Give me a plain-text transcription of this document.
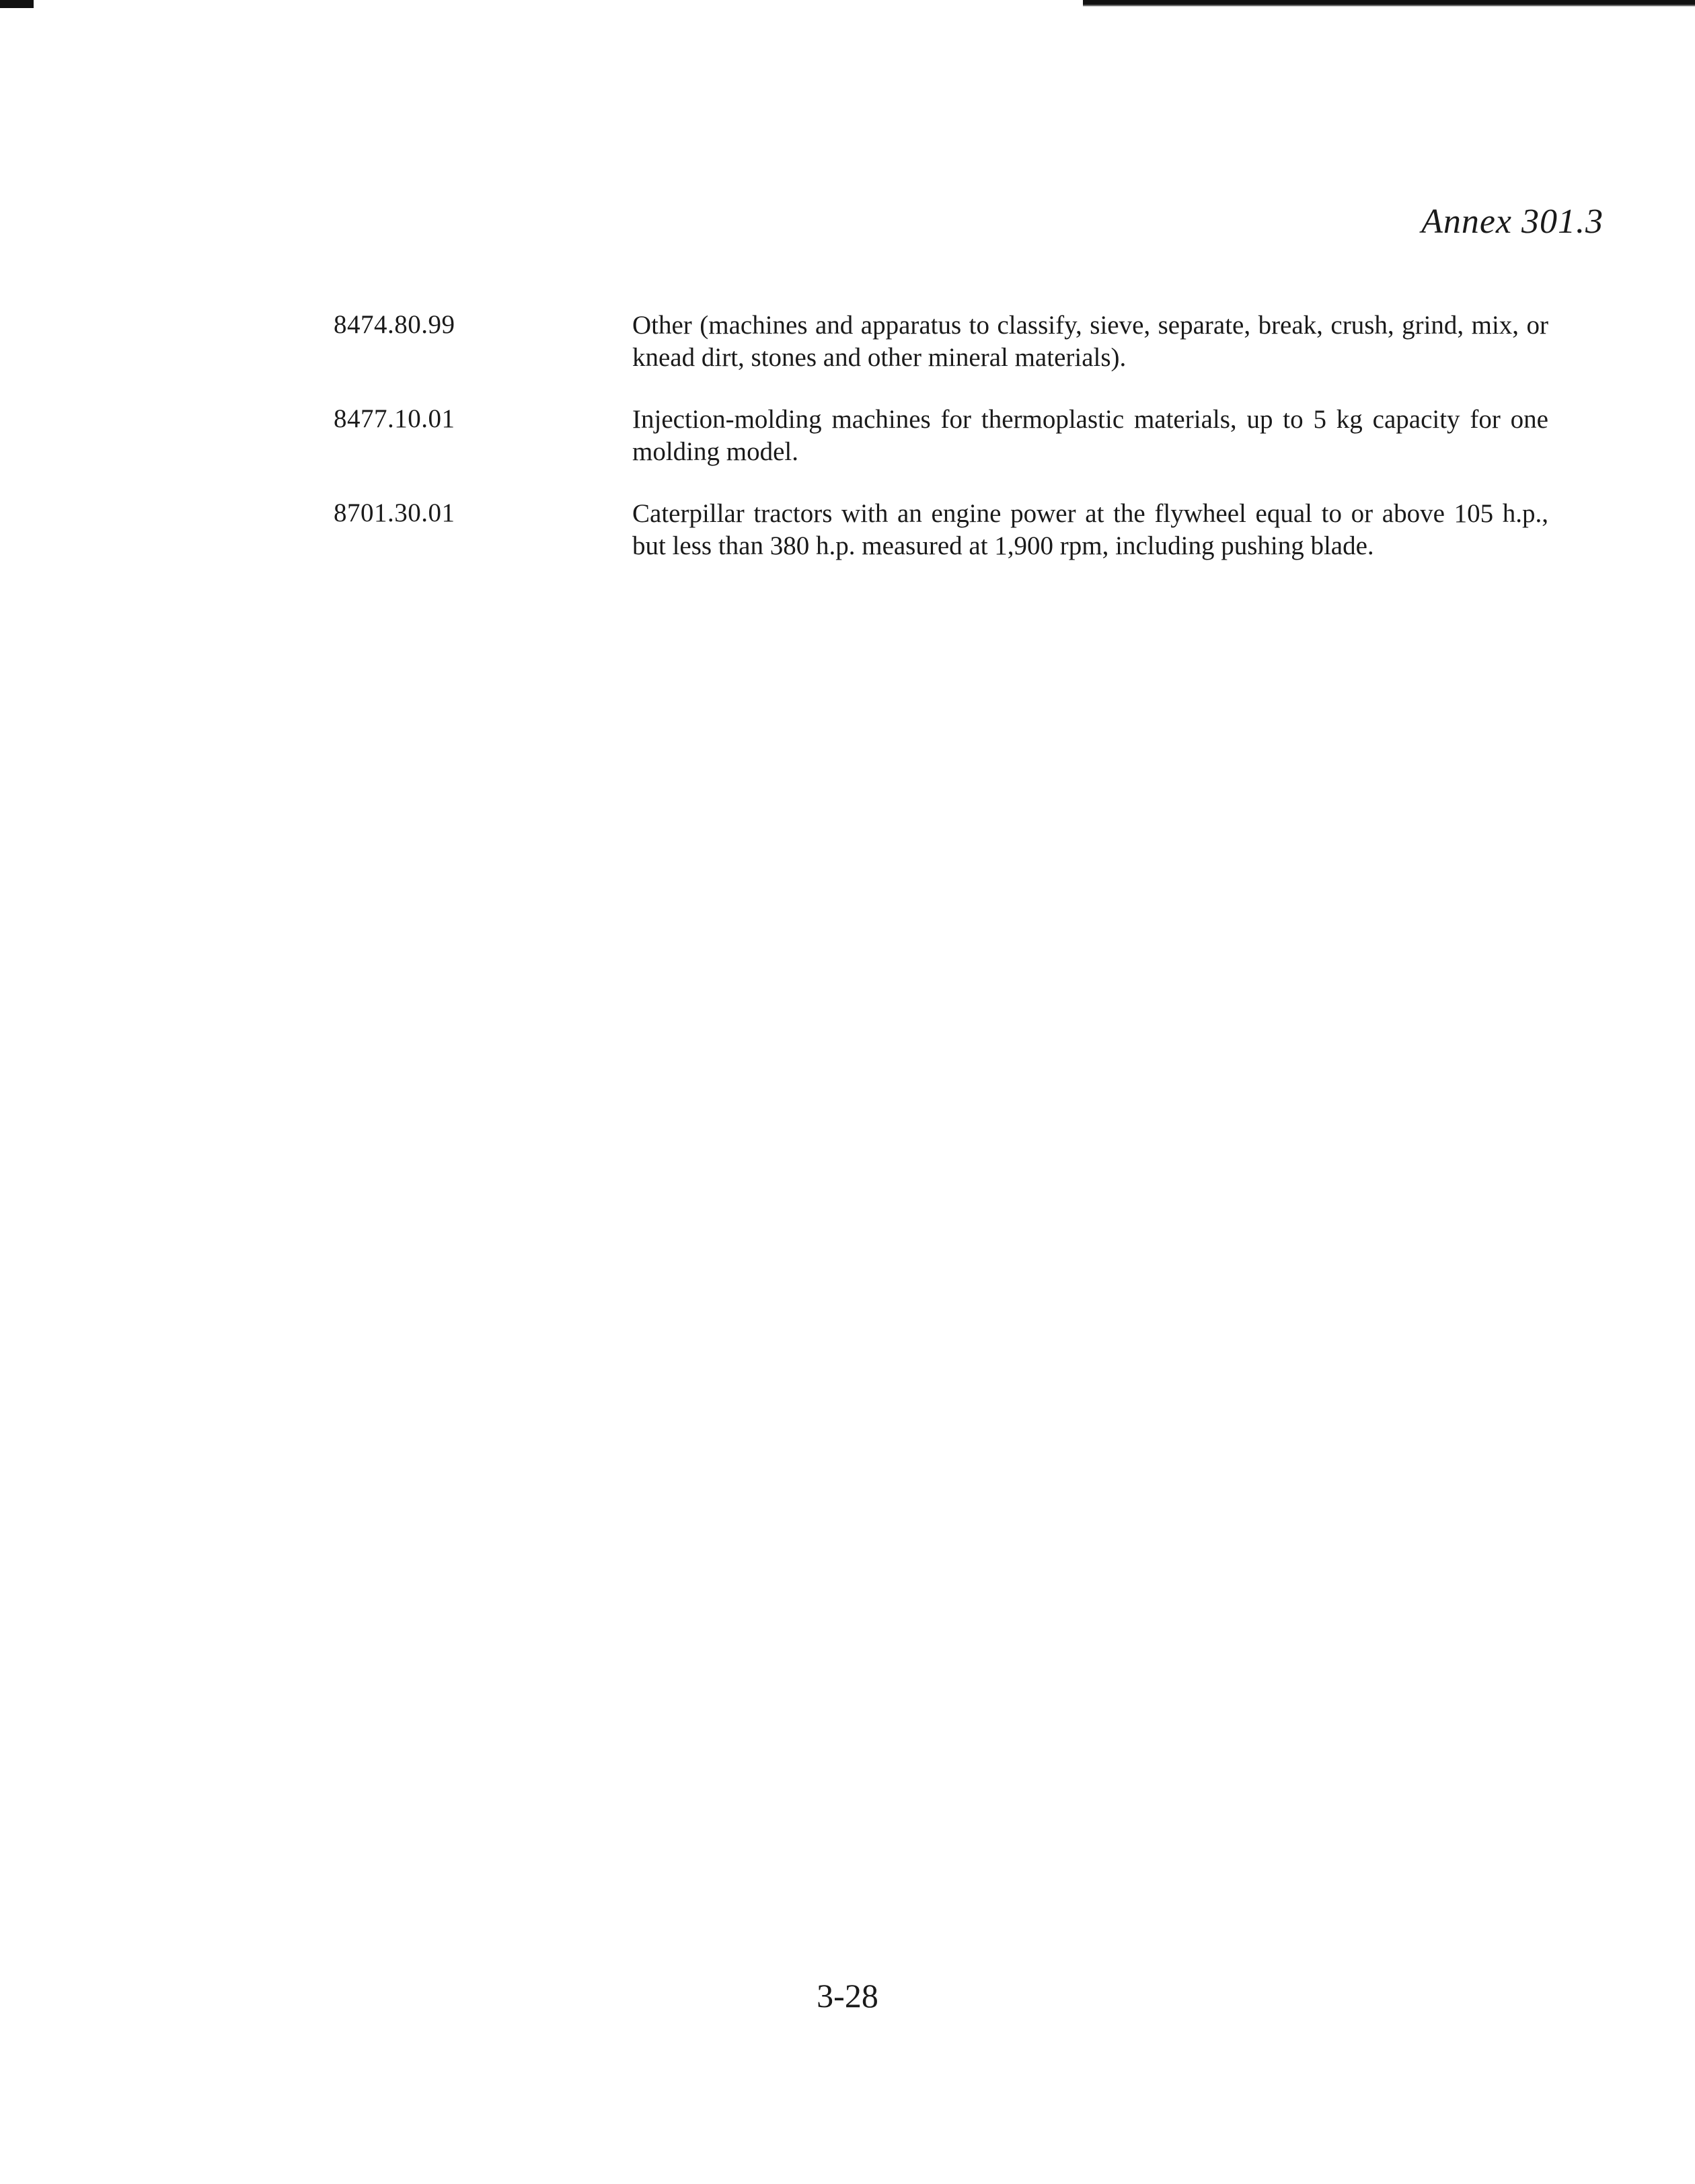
Annex 301.3
8474.80.99	Other (machines and apparatus to classify, sieve, separate, break, crush, grind, mix, or knead dirt, stones and other mineral materials).
8477.10.01	Injection-molding machines for thermoplastic materials, up to 5 kg capacity for one molding model.
8701.30.01	Caterpillar tractors with an engine power at the flywheel equal to or above 105 h.p., but less than 380 h.p. measured at 1,900 rpm, including pushing blade.
3-28
